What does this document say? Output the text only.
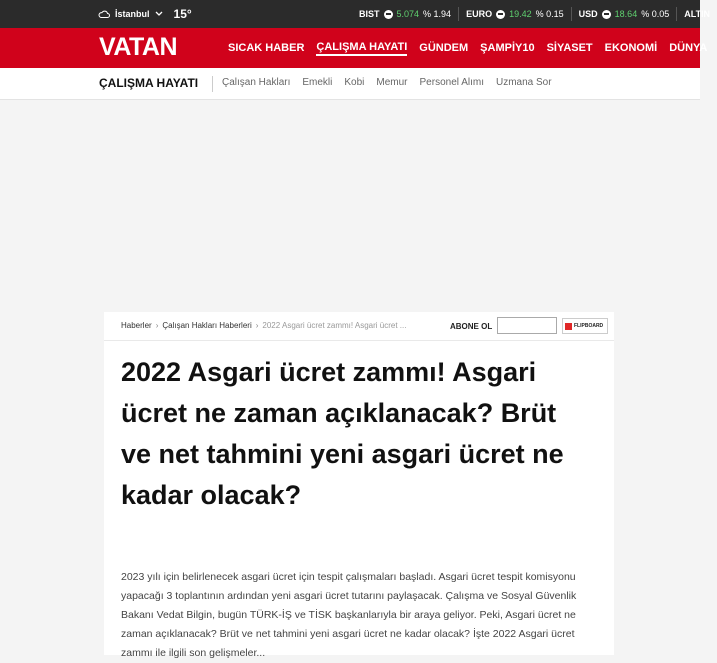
İstanbul 15°	BIST 5.074 % 1.94 EURO 19.42 % 0.15 USD 18.64 % 0.05 ALTIN
VATAN	SICAK HABER ÇALIŞMA HAYATI GÜNDEM ŞAMPİY10 SİYASET EKONOMİ DÜNYA
ÇALIŞMA HAYATI Çalışan Hakları Emekli Kobi Memur Personel Alımı Uzmana Sor
Haberler › Çalışan Hakları Haberleri › 2022 Asgari ücret zammı! Asgari ücret ...	ABONE OL	FLIPBOARD
2022 Asgari ücret zammı! Asgari ücret ne zaman açıklanacak? Brüt ve net tahmini yeni asgari ücret ne kadar olacak?

2023 yılı için belirlenecek asgari ücret için tespit çalışmaları başladı. Asgari ücret tespit komisyonu yapacağı 3 toplantının ardından yeni asgari ücret tutarını paylaşacak. Çalışma ve Sosyal Güvenlik Bakanı Vedat Bilgin, bugün TÜRK-İŞ ve TİSK başkanlarıyla bir araya geliyor. Peki, Asgari ücret ne zaman açıklanacak? Brüt ve net tahmini yeni asgari ücret ne kadar olacak? İşte 2022 Asgari ücret zammı ile ilgili son gelişmeler...
